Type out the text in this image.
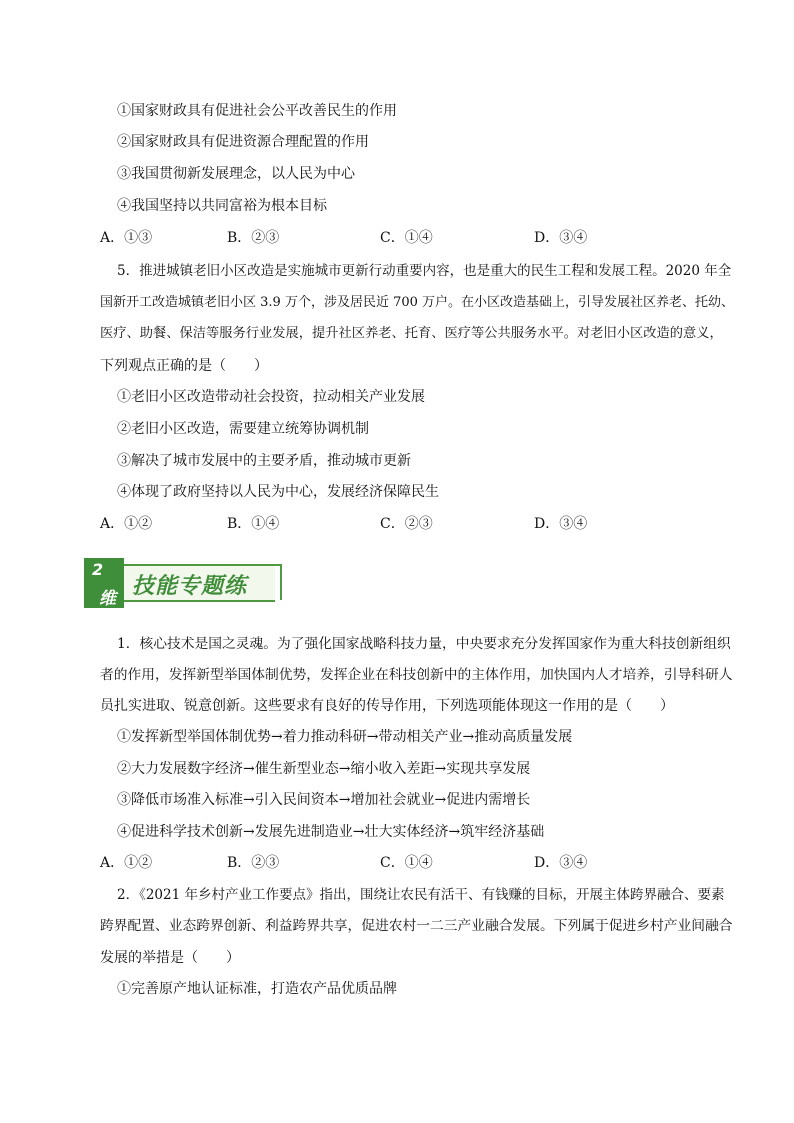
①国家财政具有促进社会公平改善民生的作用
②国家财政具有促进资源合理配置的作用
③我国贯彻新发展理念，以人民为中心
④我国坚持以共同富裕为根本目标
A．①③	B．②③	C．①④	D．③④
5．推进城镇老旧小区改造是实施城市更新行动重要内容，也是重大的民生工程和发展工程。2020 年全
国新开工改造城镇老旧小区 3.9 万个，涉及居民近 700 万户。在小区改造基础上，引导发展社区养老、托幼、
医疗、助餐、保洁等服务行业发展，提升社区养老、托育、医疗等公共服务水平。对老旧小区改造的意义，
下列观点正确的是（　　）
①老旧小区改造带动社会投资，拉动相关产业发展
②老旧小区改造，需要建立统筹协调机制
③解决了城市发展中的主要矛盾，推动城市更新
④体现了政府坚持以人民为中心，发展经济保障民生
A．①②	B．①④	C．②③	D．③④
技能专题练
2
维
1．核心技术是国之灵魂。为了强化国家战略科技力量，中央要求充分发挥国家作为重大科技创新组织
者的作用，发挥新型举国体制优势，发挥企业在科技创新中的主体作用，加快国内人才培养，引导科研人
员扎实进取、锐意创新。这些要求有良好的传导作用，下列选项能体现这一作用的是（　　）
①发挥新型举国体制优势→着力推动科研→带动相关产业→推动高质量发展
②大力发展数字经济→催生新型业态→缩小收入差距→实现共享发展
③降低市场准入标准→引入民间资本→增加社会就业→促进内需增长
④促进科学技术创新→发展先进制造业→壮大实体经济→筑牢经济基础
A．①②	B．②③	C．①④	D．③④
2．《2021 年乡村产业工作要点》指出，围绕让农民有活干、有钱赚的目标，开展主体跨界融合、要素
跨界配置、业态跨界创新、利益跨界共享，促进农村一二三产业融合发展。下列属于促进乡村产业间融合
发展的举措是（　　）
①完善原产地认证标准，打造农产品优质品牌
